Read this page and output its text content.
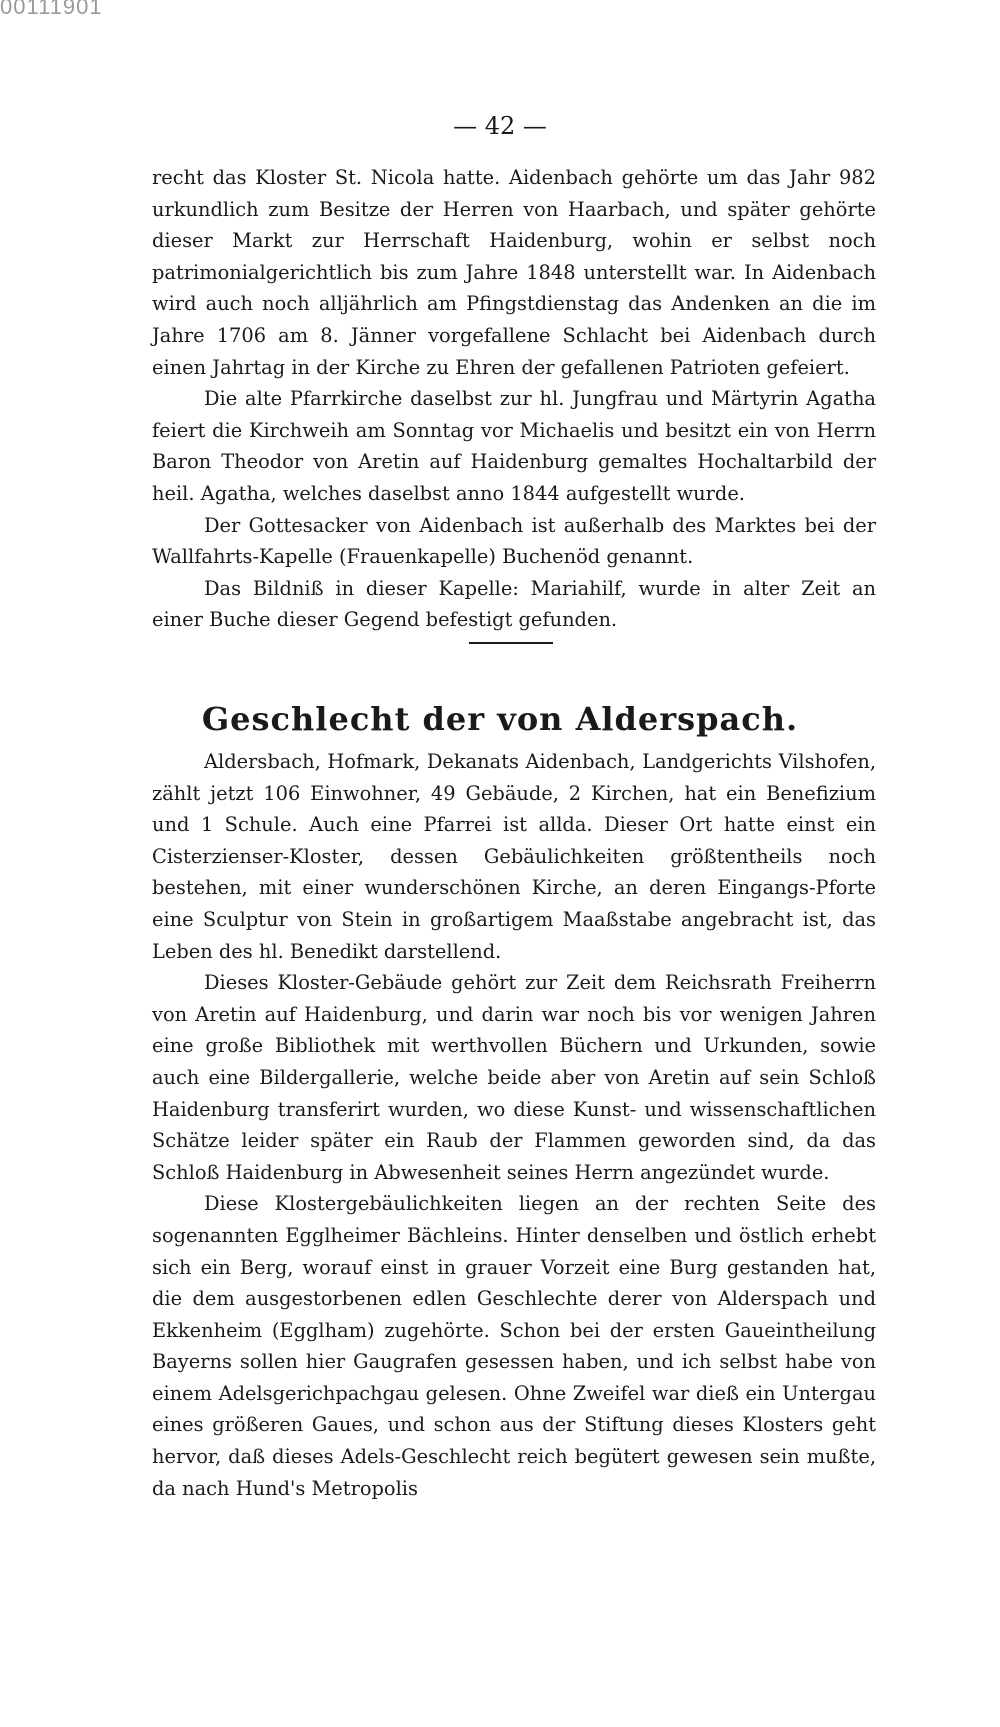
00111901
— 42 —

recht das Kloster St. Nicola hatte. Aidenbach gehörte um das Jahr 982 urkundlich zum Besitze der Herren von Haarbach, und später gehörte dieser Markt zur Herrschaft Haidenburg, wohin er selbst noch patrimonialgerichtlich bis zum Jahre 1848 unterstellt war. In Aidenbach wird auch noch alljährlich am Pfingstdienstag das Andenken an die im Jahre 1706 am 8. Jänner vorgefallene Schlacht bei Aidenbach durch einen Jahrtag in der Kirche zu Ehren der gefallenen Patrioten gefeiert.

Die alte Pfarrkirche daselbst zur hl. Jungfrau und Märtyrin Agatha feiert die Kirchweih am Sonntag vor Michaelis und besitzt ein von Herrn Baron Theodor von Aretin auf Haidenburg gemaltes Hochaltarbild der heil. Agatha, welches daselbst anno 1844 aufgestellt wurde.

Der Gottesacker von Aidenbach ist außerhalb des Marktes bei der Wallfahrts-Kapelle (Frauenkapelle) Buchenöd genannt.

Das Bildniß in dieser Kapelle: Mariahilf, wurde in alter Zeit an einer Buche dieser Gegend befestigt gefunden.

Geschlecht der von Alderspach.

Aldersbach, Hofmark, Dekanats Aidenbach, Landgerichts Vilshofen, zählt jetzt 106 Einwohner, 49 Gebäude, 2 Kirchen, hat ein Benefizium und 1 Schule. Auch eine Pfarrei ist allda. Dieser Ort hatte einst ein Cisterzienser-Kloster, dessen Gebäulichkeiten größtentheils noch bestehen, mit einer wunderschönen Kirche, an deren Eingangs-Pforte eine Sculptur von Stein in großartigem Maaßstabe angebracht ist, das Leben des hl. Benedikt darstellend.

Dieses Kloster-Gebäude gehört zur Zeit dem Reichsrath Freiherrn von Aretin auf Haidenburg, und darin war noch bis vor wenigen Jahren eine große Bibliothek mit werthvollen Büchern und Urkunden, sowie auch eine Bildergallerie, welche beide aber von Aretin auf sein Schloß Haidenburg transferirt wurden, wo diese Kunst- und wissenschaftlichen Schätze leider später ein Raub der Flammen geworden sind, da das Schloß Haidenburg in Abwesenheit seines Herrn angezündet wurde.

Diese Klostergebäulichkeiten liegen an der rechten Seite des sogenannten Egglheimer Bächleins. Hinter denselben und östlich erhebt sich ein Berg, worauf einst in grauer Vorzeit eine Burg gestanden hat, die dem ausgestorbenen edlen Geschlechte derer von Alderspach und Ekkenheim (Egglham) zugehörte. Schon bei der ersten Gaueintheilung Bayerns sollen hier Gaugrafen gesessen haben, und ich selbst habe von einem Adelsgerichpachgau gelesen. Ohne Zweifel war dieß ein Untergau eines größeren Gaues, und schon aus der Stiftung dieses Klosters geht hervor, daß dieses Adels-Geschlecht reich begütert gewesen sein mußte, da nach Hund's Metropolis
